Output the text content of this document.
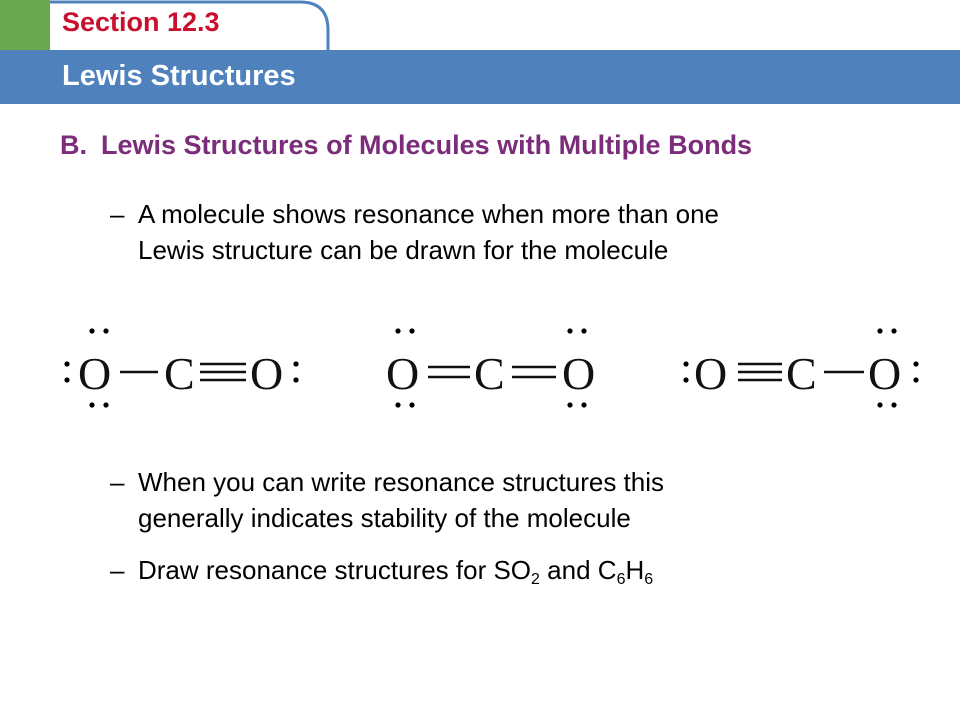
Section 12.3
Lewis Structures
B. Lewis Structures of Molecules with Multiple Bonds
– A molecule shows resonance when more than one
Lewis structure can be drawn for the molecule
O C O O C O O C O
– When you can write resonance structures this
generally indicates stability of the molecule
– Draw resonance structures for $SO_2$ and $C_6H_6$
